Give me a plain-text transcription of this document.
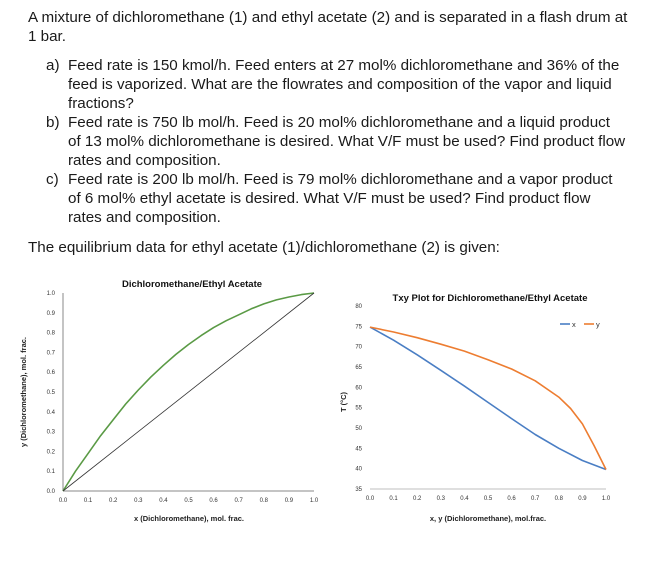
A mixture of dichloromethane (1) and ethyl acetate (2) and is separated in a flash drum at 1 bar.
a) Feed rate is 150 kmol/h. Feed enters at 27 mol% dichloromethane and 36% of the feed is vaporized. What are the flowrates and composition of the vapor and liquid fractions?
b) Feed rate is 750 lb mol/h. Feed is 20 mol% dichloromethane and a liquid product of 13 mol% dichloromethane is desired. What V/F must be used? Find product flow rates and composition.
c) Feed rate is 200 lb mol/h. Feed is 79 mol% dichloromethane and a vapor product of 6 mol% ethyl acetate is desired. What V/F must be used? Find product flow rates and composition.
The equilibrium data for ethyl acetate (1)/dichloromethane (2) is given:
Dichloromethane/Ethyl Acetate
0.0	0.1	0.2	0.3	0.4	0.5	0.6	0.7	0.8	0.9	1.0
0.0
0.1
0.2
0.3
0.4
0.5
0.6
0.7
0.8
0.9
1.0
x (Dichloromethane), mol. frac.
y (Dichloromethane), mol. frac.
Txy Plot for Dichloromethane/Ethyl Acetate
0.0	0.1	0.2	0.3	0.4	0.5	0.6	0.7	0.8	0.9	1.0
35
40
45
50
55
60
65
70
75
80
x, y (Dichloromethane), mol.frac.
T (°C)
x	y
